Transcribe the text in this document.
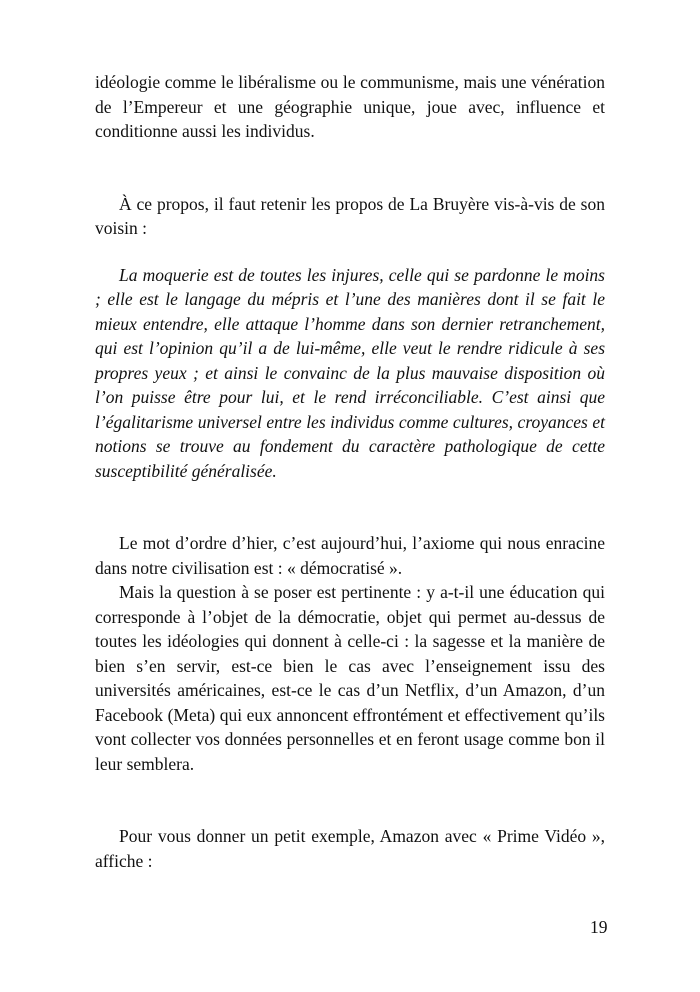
idéologie comme le libéralisme ou le communisme, mais une vénération de l’Empereur et une géographie unique, joue avec, influence et conditionne aussi les individus.

À ce propos, il faut retenir les propos de La Bruyère vis-à-vis de son voisin :

La moquerie est de toutes les injures, celle qui se pardonne le moins ; elle est le langage du mépris et l’une des manières dont il se fait le mieux entendre, elle attaque l’homme dans son dernier retranchement, qui est l’opinion qu’il a de lui-même, elle veut le rendre ridicule à ses propres yeux ; et ainsi le convainc de la plus mauvaise disposition où l’on puisse être pour lui, et le rend irréconciliable. C’est ainsi que l’égalitarisme universel entre les individus comme cultures, croyances et notions se trouve au fondement du caractère pathologique de cette susceptibilité généralisée.

Le mot d’ordre d’hier, c’est aujourd’hui, l’axiome qui nous enracine dans notre civilisation est : « démocratisé ».

Mais la question à se poser est pertinente : y a-t-il une éducation qui corresponde à l’objet de la démocratie, objet qui permet au-dessus de toutes les idéologies qui donnent à celle-ci : la sagesse et la manière de bien s’en servir, est-ce bien le cas avec l’enseignement issu des universités américaines, est-ce le cas d’un Netflix, d’un Amazon, d’un Facebook (Meta) qui eux annoncent effrontément et effectivement qu’ils vont collecter vos données personnelles et en feront usage comme bon il leur semblera.

Pour vous donner un petit exemple, Amazon avec « Prime Vidéo », affiche :

19
